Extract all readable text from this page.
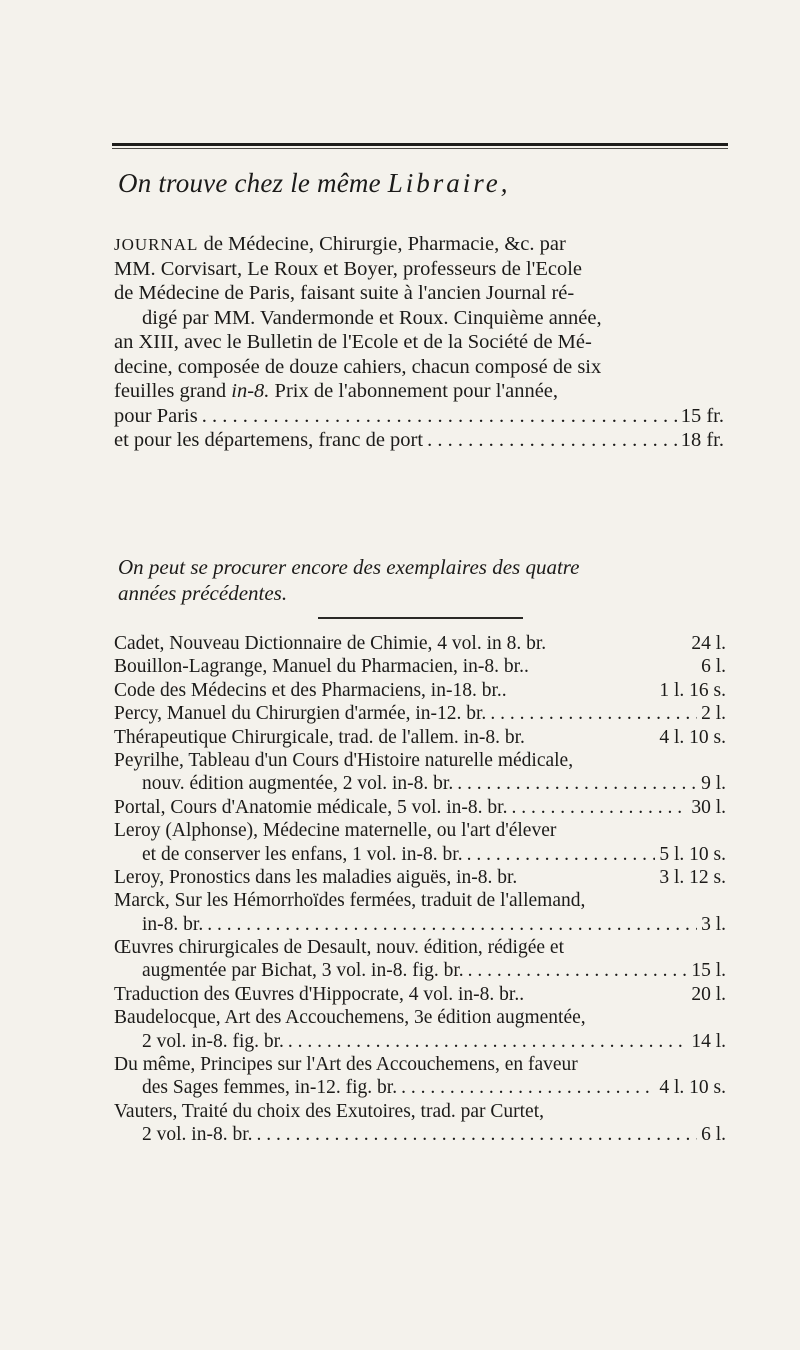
On trouve chez le même Libraire,
JOURNAL de Médecine, Chirurgie, Pharmacie, &c. par
MM. Corvisart, Le Roux et Boyer, professeurs de l'Ecole
de Médecine de Paris, faisant suite à l'ancien Journal ré-
digé par MM. Vandermonde et Roux. Cinquième année,
an XIII, avec le Bulletin de l'Ecole et de la Société de Mé-
decine, composée de douze cahiers, chacun composé de six
feuilles grand in-8. Prix de l'abonnement pour l'année,
pour Paris . . .	15 fr.
et pour les départemens, franc de port . . .	18 fr.
On peut se procurer encore des exemplaires des quatre
années précédentes.
Cadet, Nouveau Dictionnaire de Chimie, 4 vol. in 8. br.	24 l.
Bouillon-Lagrange, Manuel du Pharmacien, in-8. br..	6 l.
Code des Médecins et des Pharmaciens, in-18. br..	1 l. 16 s.
Percy, Manuel du Chirurgien d'armée, in-12. br. . . .	2 l.
Thérapeutique Chirurgicale, trad. de l'allem. in-8. br.	4 l. 10 s.
Peyrilhe, Tableau d'un Cours d'Histoire naturelle médicale,
nouv. édition augmentée, 2 vol. in-8. br. . . .	9 l.
Portal, Cours d'Anatomie médicale, 5 vol. in-8. br. . . .	30 l.
Leroy (Alphonse), Médecine maternelle, ou l'art d'élever
et de conserver les enfans, 1 vol. in-8. br. . . .	5 l. 10 s.
Leroy, Pronostics dans les maladies aiguës, in-8. br.	3 l. 12 s.
Marck, Sur les Hémorrhoïdes fermées, traduit de l'allemand,
in-8. br. . . .	3 l.
Œuvres chirurgicales de Desault, nouv. édition, rédigée et
augmentée par Bichat, 3 vol. in-8. fig. br. . . .	15 l.
Traduction des Œuvres d'Hippocrate, 4 vol. in-8. br..	20 l.
Baudelocque, Art des Accouchemens, 3e édition augmentée,
2 vol. in-8. fig. br. . . .	14 l.
Du même, Principes sur l'Art des Accouchemens, en faveur
des Sages femmes, in-12. fig. br. . . .	4 l. 10 s.
Vauters, Traité du choix des Exutoires, trad. par Curtet,
2 vol. in-8. br. . . .	6 l.
